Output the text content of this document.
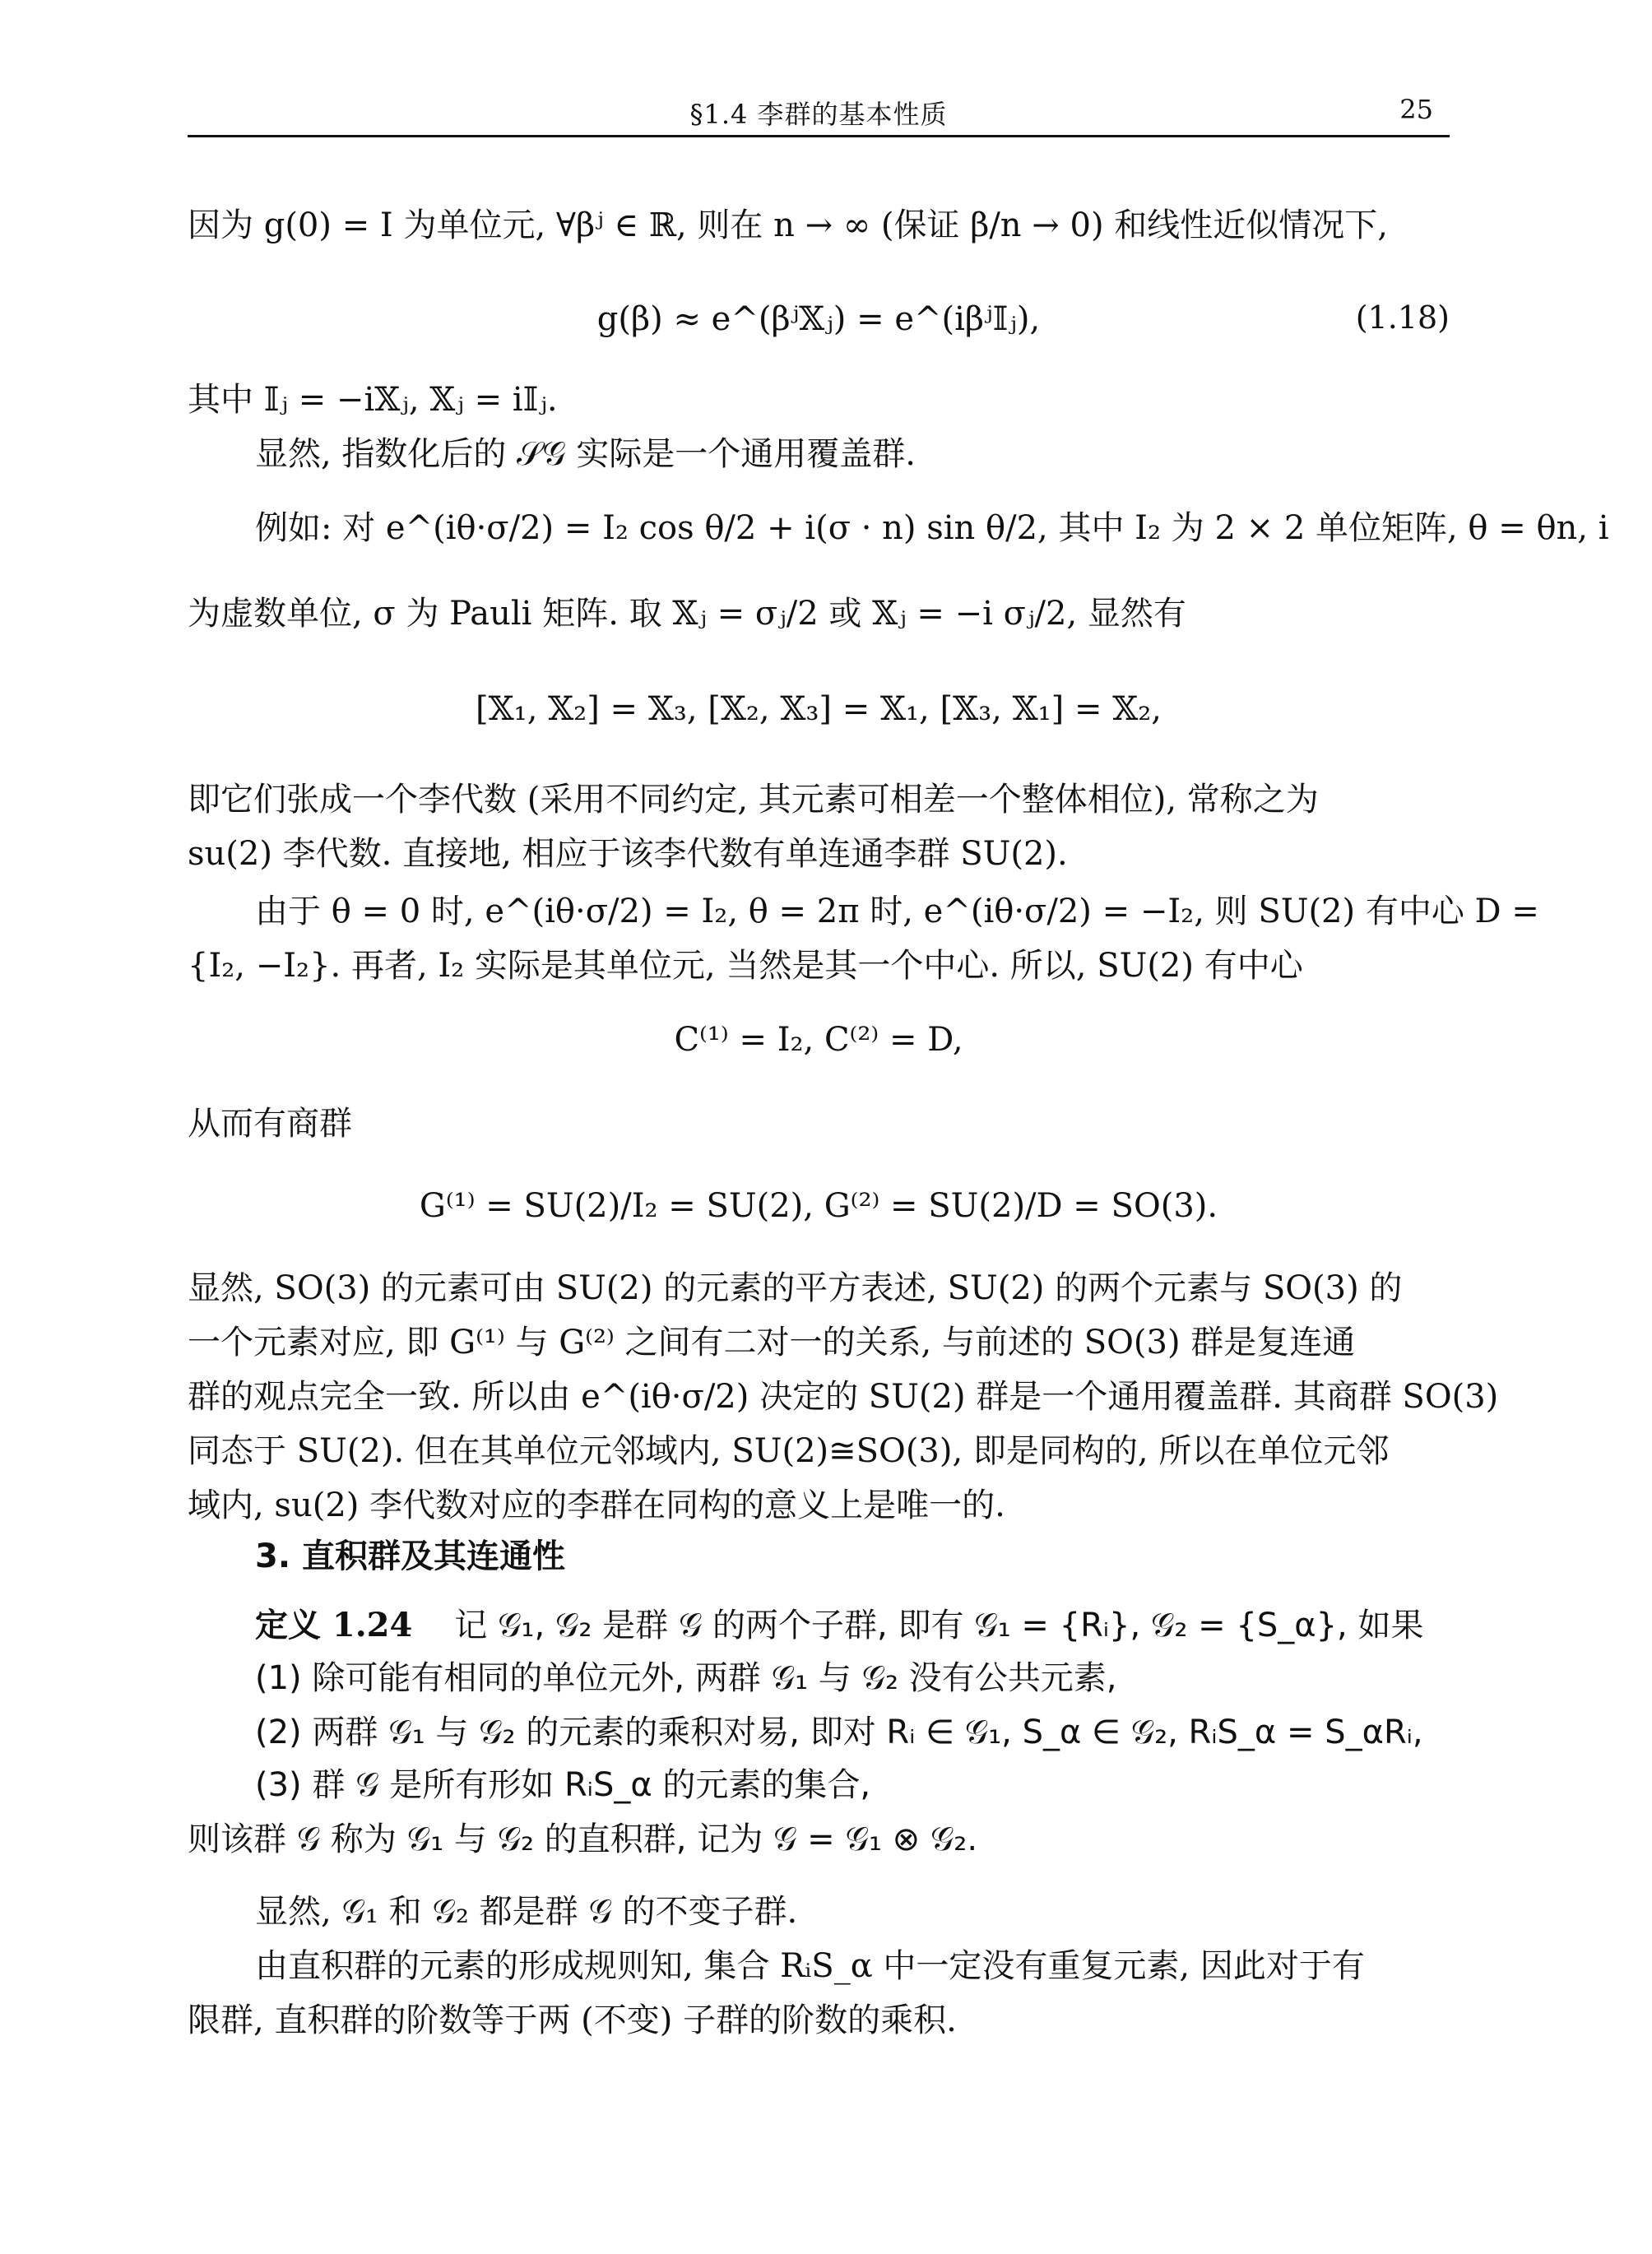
§1.4 李群的基本性质	25
因为 g(0) = I 为单位元, ∀βʲ ∈ ℝ, 则在 n → ∞ (保证 β/n → 0) 和线性近似情况下,
g(β) ≈ e^(βʲ𝕏ⱼ) = e^(iβʲ𝕀ⱼ),	(1.18)
其中 𝕀ⱼ = −i𝕏ⱼ, 𝕏ⱼ = i𝕀ⱼ.
显然, 指数化后的 𝒮𝒢 实际是一个通用覆盖群.
例如: 对 e^(iθ·σ/2) = I₂ cos θ/2 + i(σ · n) sin θ/2, 其中 I₂ 为 2 × 2 单位矩阵, θ = θn, i
为虚数单位, σ 为 Pauli 矩阵. 取 𝕏ⱼ = σⱼ/2 或 𝕏ⱼ = −i σⱼ/2, 显然有
[𝕏₁, 𝕏₂] = 𝕏₃, [𝕏₂, 𝕏₃] = 𝕏₁, [𝕏₃, 𝕏₁] = 𝕏₂,
即它们张成一个李代数 (采用不同约定, 其元素可相差一个整体相位), 常称之为
su(2) 李代数. 直接地, 相应于该李代数有单连通李群 SU(2).
由于 θ = 0 时, e^(iθ·σ/2) = I₂, θ = 2π 时, e^(iθ·σ/2) = −I₂, 则 SU(2) 有中心 D =
{I₂, −I₂}. 再者, I₂ 实际是其单位元, 当然是其一个中心. 所以, SU(2) 有中心
C⁽¹⁾ = I₂, C⁽²⁾ = D,
从而有商群
G⁽¹⁾ = SU(2)/I₂ = SU(2), G⁽²⁾ = SU(2)/D = SO(3).
显然, SO(3) 的元素可由 SU(2) 的元素的平方表述, SU(2) 的两个元素与 SO(3) 的
一个元素对应, 即 G⁽¹⁾ 与 G⁽²⁾ 之间有二对一的关系, 与前述的 SO(3) 群是复连通
群的观点完全一致. 所以由 e^(iθ·σ/2) 决定的 SU(2) 群是一个通用覆盖群. 其商群 SO(3)
同态于 SU(2). 但在其单位元邻域内, SU(2)≅SO(3), 即是同构的, 所以在单位元邻
域内, su(2) 李代数对应的李群在同构的意义上是唯一的.
3. 直积群及其连通性
定义 1.24 记 𝒢₁, 𝒢₂ 是群 𝒢 的两个子群, 即有 𝒢₁ = {Rᵢ}, 𝒢₂ = {S_α}, 如果
(1) 除可能有相同的单位元外, 两群 𝒢₁ 与 𝒢₂ 没有公共元素,
(2) 两群 𝒢₁ 与 𝒢₂ 的元素的乘积对易, 即对 Rᵢ ∈ 𝒢₁, S_α ∈ 𝒢₂, RᵢS_α = S_αRᵢ,
(3) 群 𝒢 是所有形如 RᵢS_α 的元素的集合,
则该群 𝒢 称为 𝒢₁ 与 𝒢₂ 的直积群, 记为 𝒢 = 𝒢₁ ⊗ 𝒢₂.
显然, 𝒢₁ 和 𝒢₂ 都是群 𝒢 的不变子群.
由直积群的元素的形成规则知, 集合 RᵢS_α 中一定没有重复元素, 因此对于有
限群, 直积群的阶数等于两 (不变) 子群的阶数的乘积.
